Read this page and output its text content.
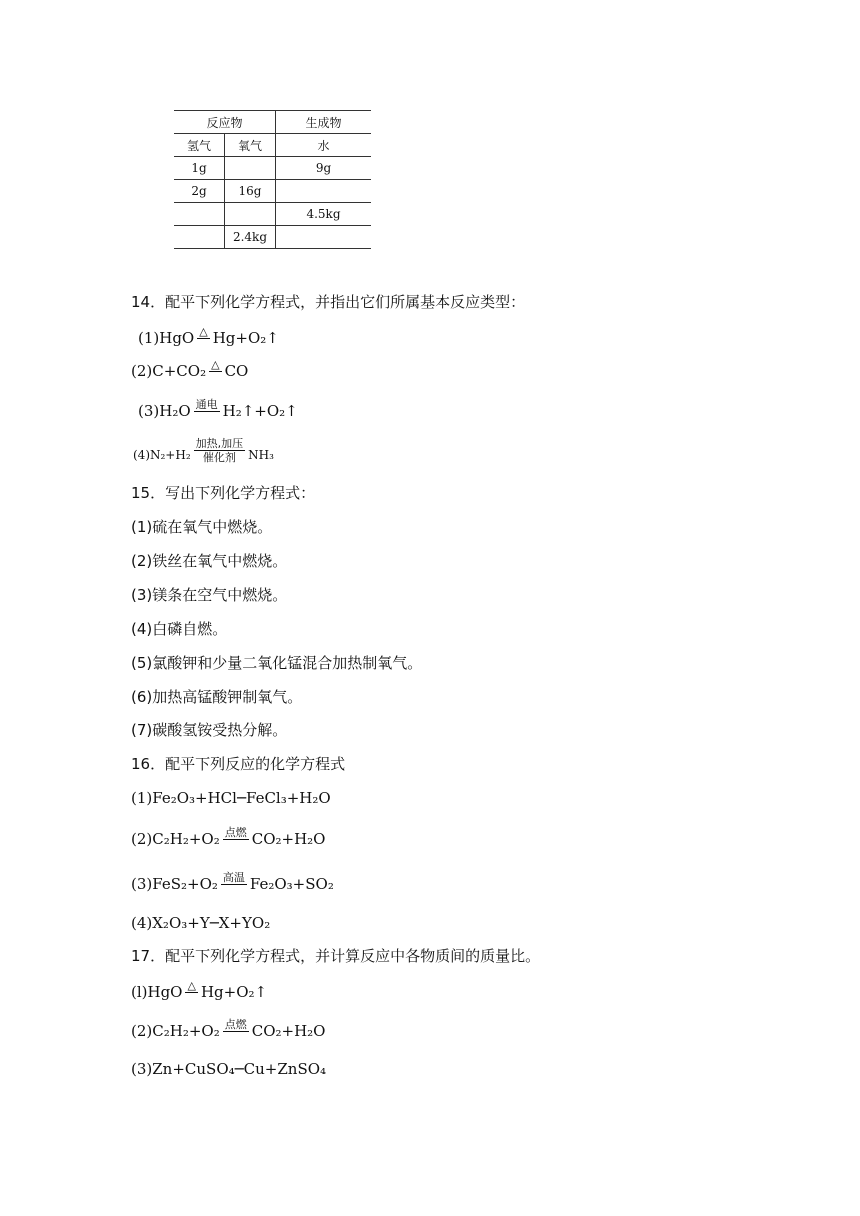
反应物		生成物
氢气	氧气	水
1g		9g
2g	16g	
		4.5kg
	2.4kg	
14．配平下列化学方程式，并指出它们所属基本反应类型：
(1)HgO △ Hg+O₂↑
(2)C+CO₂ △ CO
(3)H₂O 通电 H₂↑+O₂↑
(4)N₂+H₂
加热,加压
催化剂	NH₃
15．写出下列化学方程式：
(1)硫在氧气中燃烧。
(2)铁丝在氧气中燃烧。
(3)镁条在空气中燃烧。
(4)白磷自燃。
(5)氯酸钾和少量二氧化锰混合加热制氧气。
(6)加热高锰酸钾制氧气。
(7)碳酸氢铵受热分解。
16．配平下列反应的化学方程式
(1)Fe₂O₃+HCl─FeCl₃+H₂O
(2)C₂H₂+O₂ 点燃 CO₂+H₂O
(3)FeS₂+O₂ 高温 Fe₂O₃+SO₂
(4)X₂O₃+Y─X+YO₂
17．配平下列化学方程式，并计算反应中各物质间的质量比。
(l)HgO △ Hg+O₂↑
(2)C₂H₂+O₂ 点燃 CO₂+H₂O
(3)Zn+CuSO₄─Cu+ZnSO₄
